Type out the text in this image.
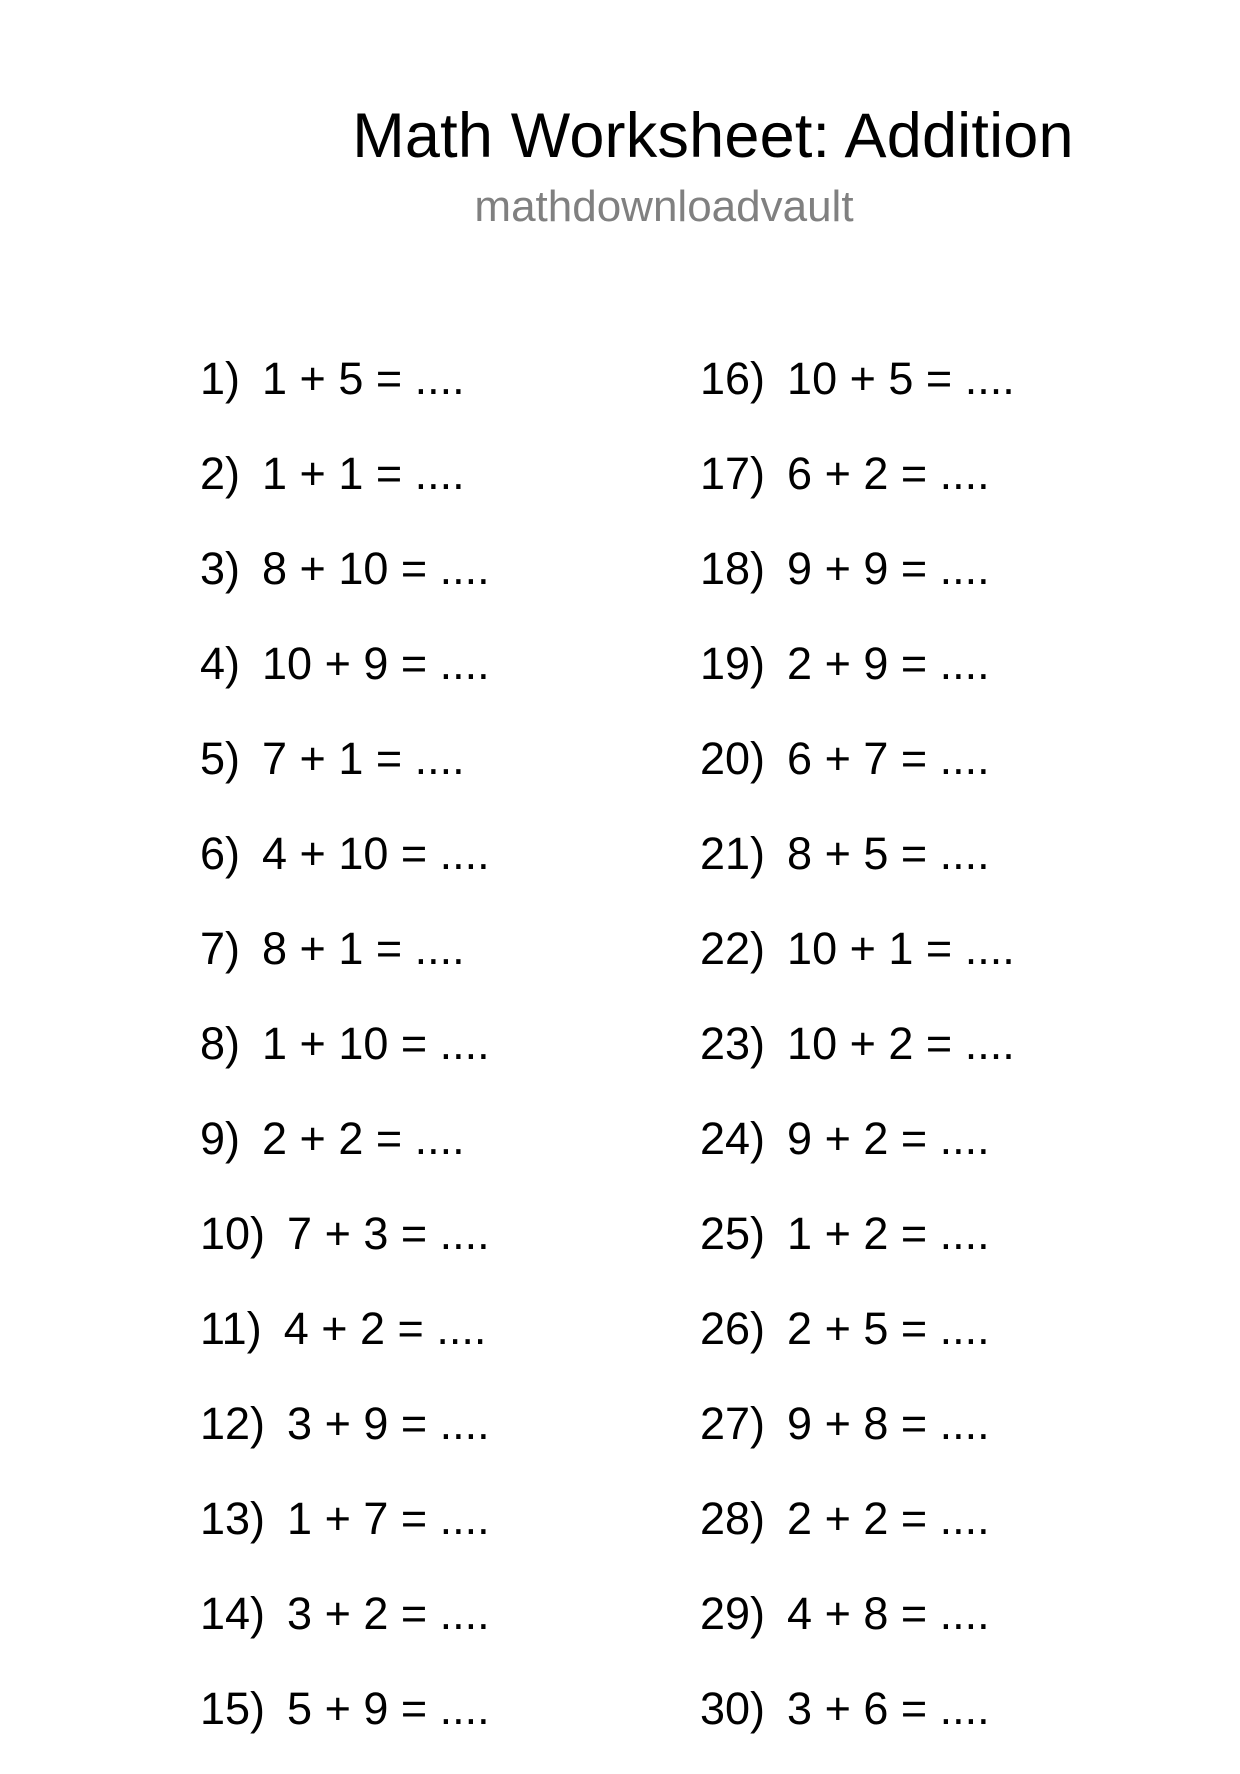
Math Worksheet: Addition
mathdownloadvault
1) 1 + 5 = ....
2) 1 + 1 = ....
3) 8 + 10 = ....
4) 10 + 9 = ....
5) 7 + 1 = ....
6) 4 + 10 = ....
7) 8 + 1 = ....
8) 1 + 10 = ....
9) 2 + 2 = ....
10) 7 + 3 = ....
11) 4 + 2 = ....
12) 3 + 9 = ....
13) 1 + 7 = ....
14) 3 + 2 = ....
15) 5 + 9 = ....
16) 10 + 5 = ....
17) 6 + 2 = ....
18) 9 + 9 = ....
19) 2 + 9 = ....
20) 6 + 7 = ....
21) 8 + 5 = ....
22) 10 + 1 = ....
23) 10 + 2 = ....
24) 9 + 2 = ....
25) 1 + 2 = ....
26) 2 + 5 = ....
27) 9 + 8 = ....
28) 2 + 2 = ....
29) 4 + 8 = ....
30) 3 + 6 = ....
